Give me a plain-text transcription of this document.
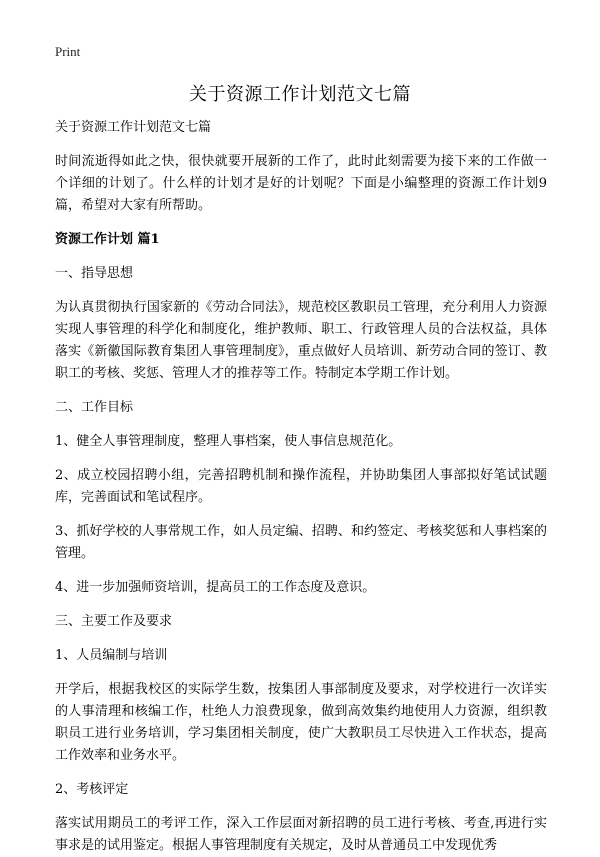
Print
关于资源工作计划范文七篇

关于资源工作计划范文七篇

时间流逝得如此之快，很快就要开展新的工作了，此时此刻需要为接下来的工作做一个详细的计划了。什么样的计划才是好的计划呢？下面是小编整理的资源工作计划9篇，希望对大家有所帮助。

资源工作计划 篇1

一、指导思想

为认真贯彻执行国家新的《劳动合同法》，规范校区教职员工管理，充分利用人力资源实现人事管理的科学化和制度化，维护教师、职工、行政管理人员的合法权益，具体落实《新徽国际教育集团人事管理制度》，重点做好人员培训、新劳动合同的签订、教职工的考核、奖惩、管理人才的推荐等工作。特制定本学期工作计划。

二、工作目标

1、健全人事管理制度，整理人事档案，使人事信息规范化。

2、成立校园招聘小组，完善招聘机制和操作流程，并协助集团人事部拟好笔试试题库，完善面试和笔试程序。

3、抓好学校的人事常规工作，如人员定编、招聘、和约签定、考核奖惩和人事档案的管理。

4、进一步加强师资培训，提高员工的工作态度及意识。

三、主要工作及要求

1、人员编制与培训

开学后，根据我校区的实际学生数，按集团人事部制度及要求，对学校进行一次详实的人事清理和核编工作，杜绝人力浪费现象，做到高效集约地使用人力资源，组织教职员工进行业务培训，学习集团相关制度，使广大教职员工尽快进入工作状态，提高工作效率和业务水平。

2、考核评定

落实试用期员工的考评工作，深入工作层面对新招聘的员工进行考核、考查,再进行实事求是的试用鉴定。根据人事管理制度有关规定，及时从普通员工中发现优秀
